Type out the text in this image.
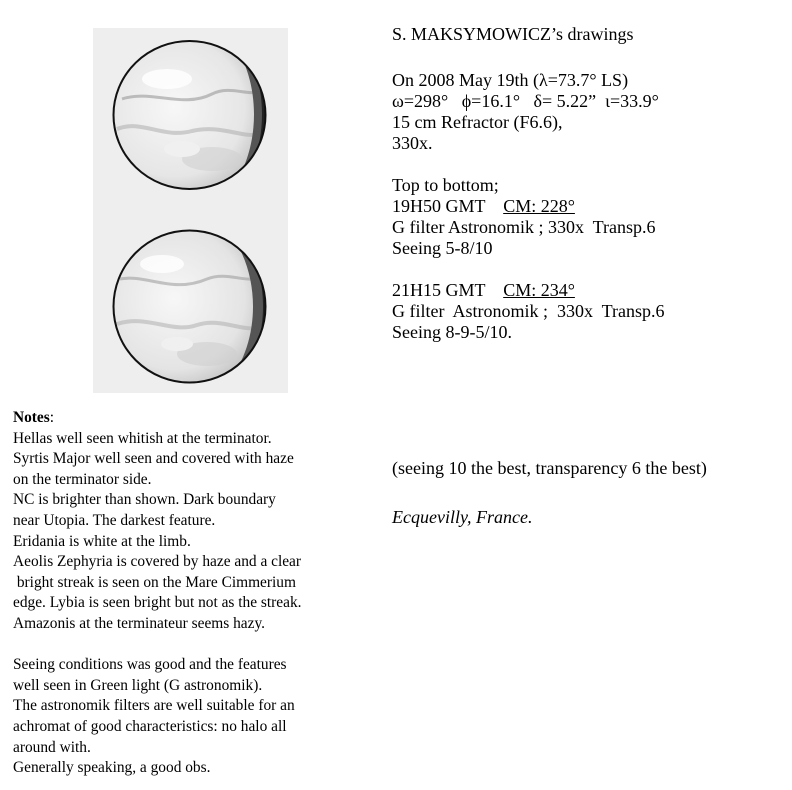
S. MAKSYMOWICZ’s drawings
On 2008 May 19th (λ=73.7° LS)
ω=298°   ϕ=16.1°   δ= 5.22”  ι=33.9°
15 cm Refractor (F6.6),
330x.

Top to bottom;
19H50 GMT    CM: 228°
G filter Astronomik ; 330x  Transp.6
Seeing 5-8/10

21H15 GMT    CM: 234°
G filter  Astronomik ;  330x  Transp.6
Seeing 8-9-5/10.
(seeing 10 the best, transparency 6 the best)
Ecquevilly, France.
Notes:
Hellas well seen whitish at the terminator.
Syrtis Major well seen and covered with haze
on the terminator side.
NC is brighter than shown. Dark boundary
near Utopia. The darkest feature.
Eridania is white at the limb.
Aeolis Zephyria is covered by haze and a clear
bright streak is seen on the Mare Cimmerium
edge. Lybia is seen bright but not as the streak.
Amazonis at the terminateur seems hazy.

Seeing conditions was good and the features
well seen in Green light (G astronomik).
The astronomik filters are well suitable for an
achromat of good characteristics: no halo all
around with.
Generally speaking, a good obs.
